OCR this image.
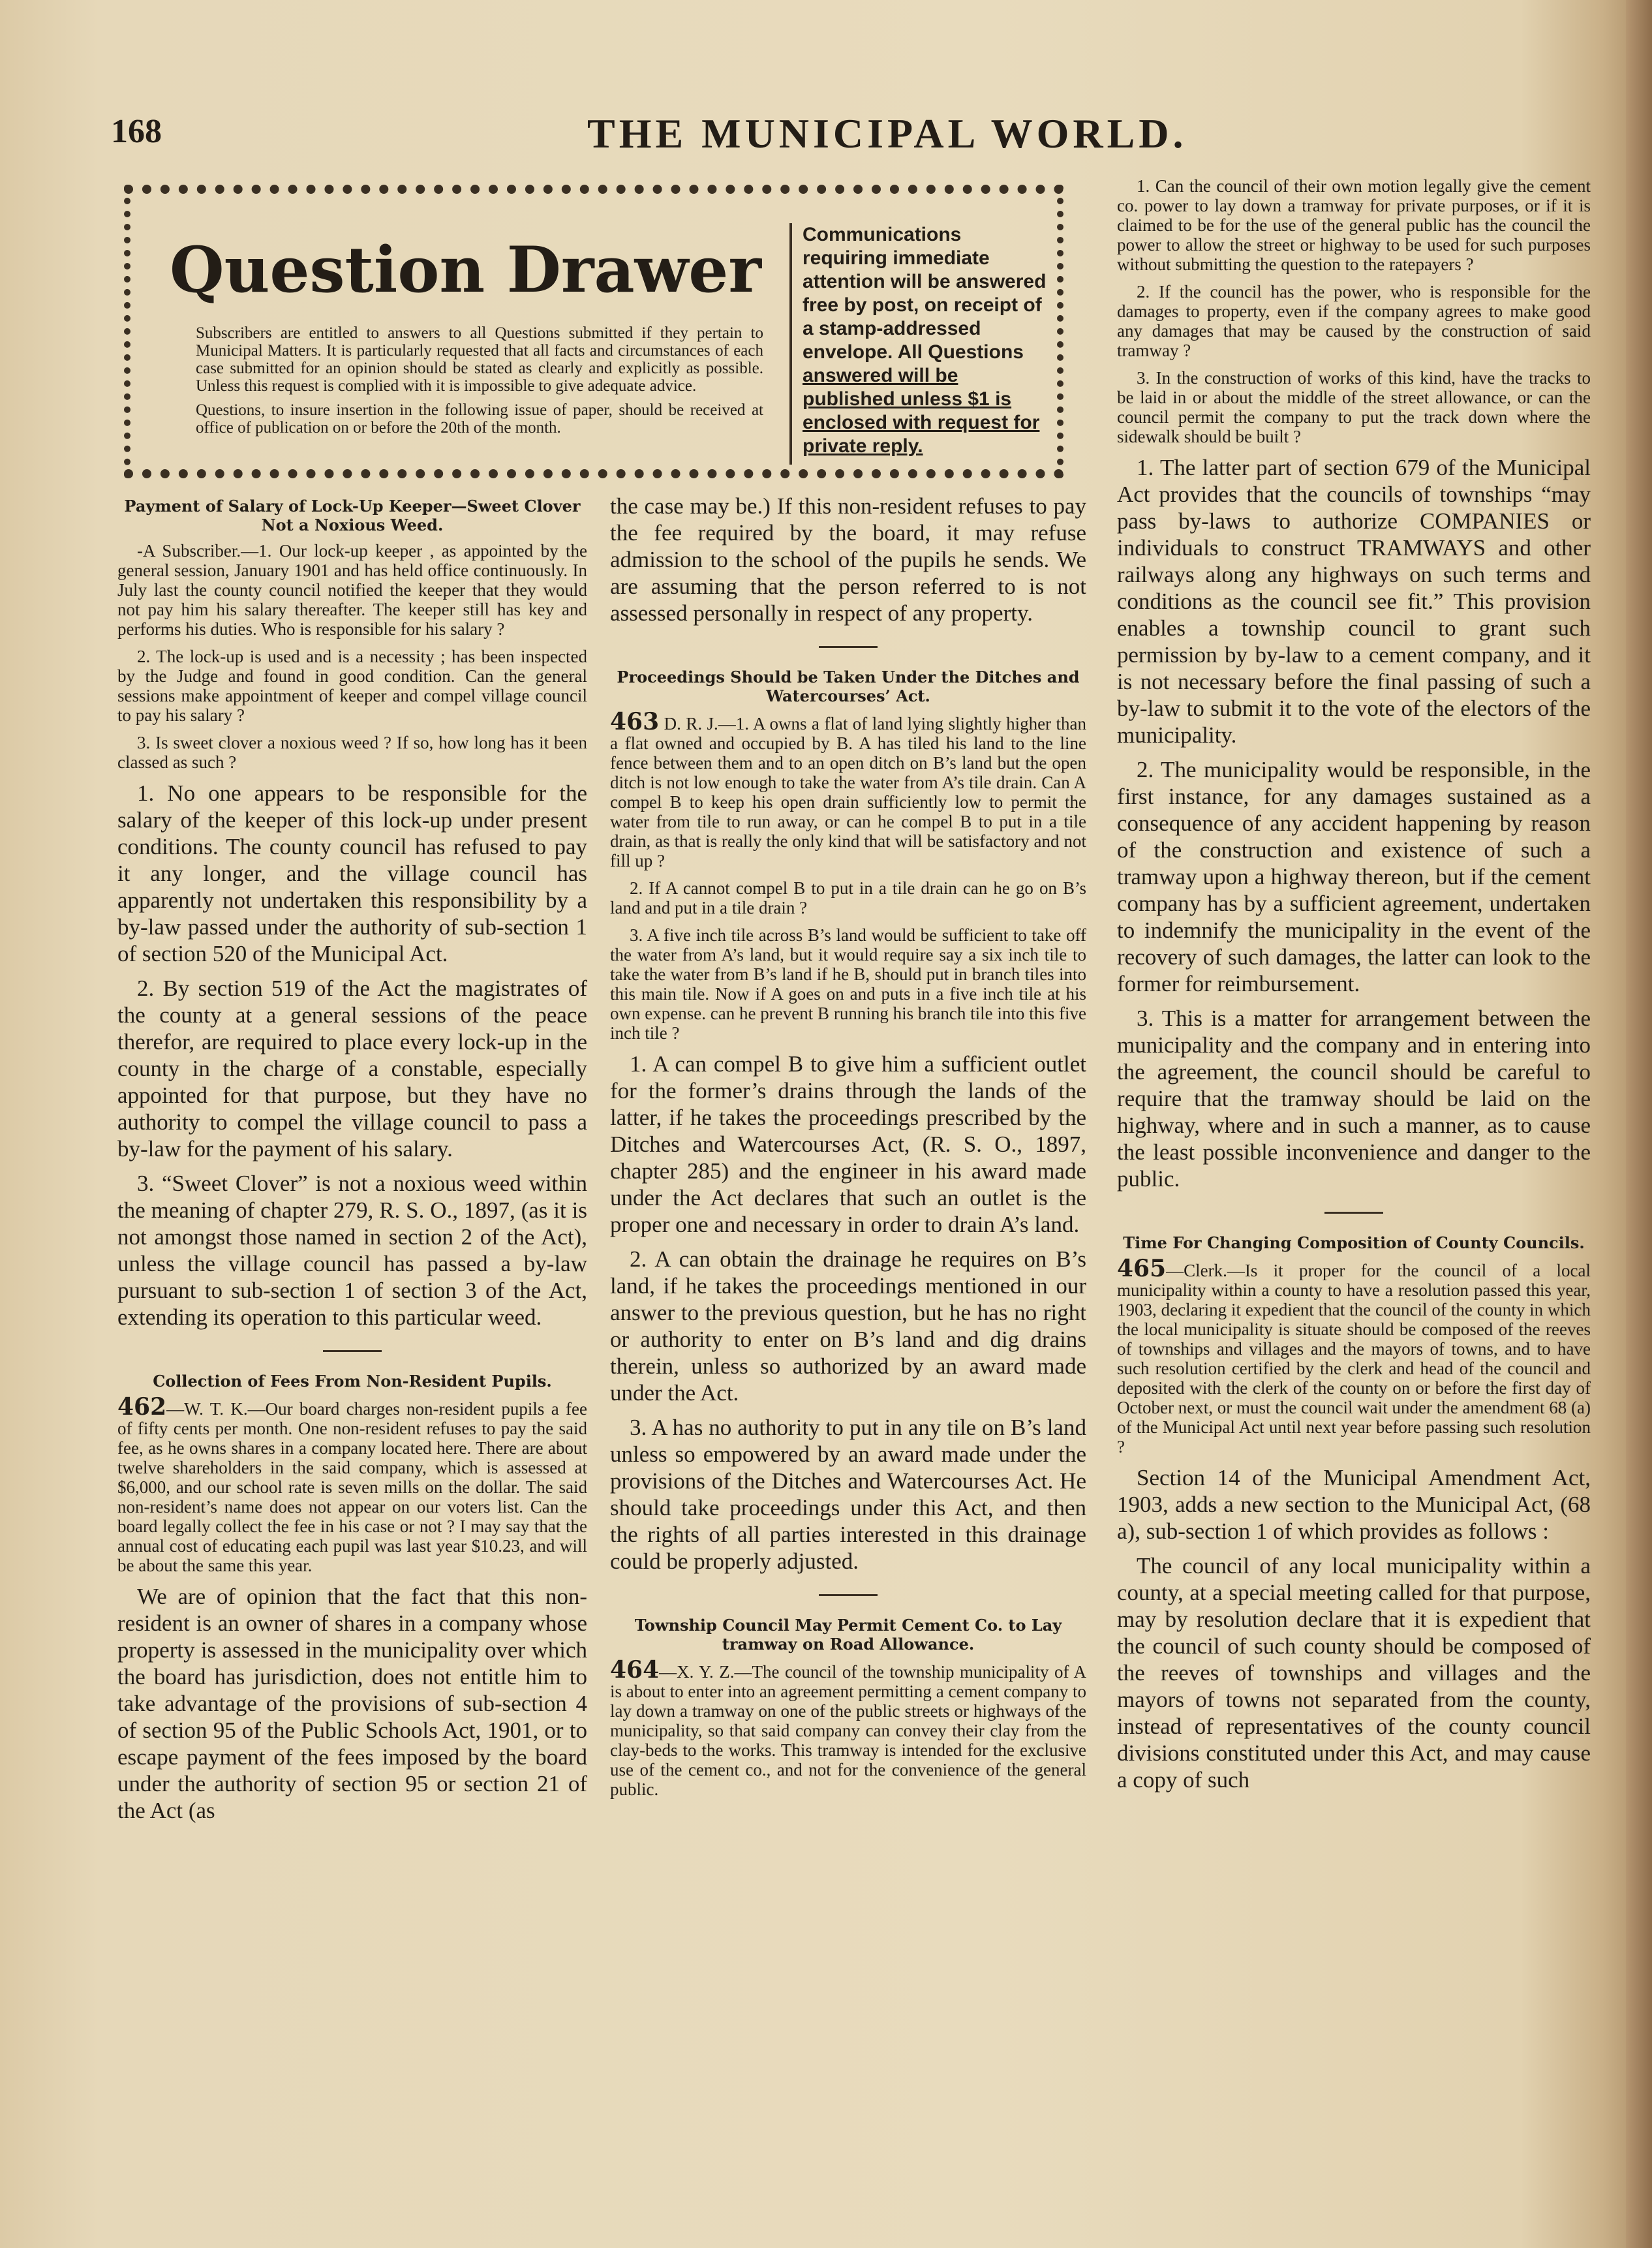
168	THE MUNICIPAL WORLD.
Question Drawer

Subscribers are entitled to answers to all Questions submitted if they pertain to Municipal Matters. It is particularly requested that all facts and circumstances of each case submitted for an opinion should be stated as clearly and explicitly as possible. Unless this request is complied with it is impossible to give adequate advice.

Questions, to insure insertion in the following issue of paper, should be received at office of publication on or before the 20th of the month.

Communications requiring immediate attention will be answered free by post, on receipt of a stamp-addressed envelope. All Questions
answered will be published unless $1 is enclosed with request for private reply.
Payment of Salary of Lock-Up Keeper—Sweet Clover Not a Noxious Weed.

-A Subscriber.—1. Our lock-up keeper , as appointed by the general session, January 1901 and has held office continuously. In July last the county council notified the keeper that they would not pay him his salary thereafter. The keeper still has key and performs his duties. Who is responsible for his salary ?

2. The lock-up is used and is a necessity ; has been inspected by the Judge and found in good condition. Can the general sessions make appointment of keeper and compel village council to pay his salary ?

3. Is sweet clover a noxious weed ? If so, how long has it been classed as such ?

1. No one appears to be responsible for the salary of the keeper of this lock-up under present conditions. The county council has refused to pay it any longer, and the village council has apparently not undertaken this responsibility by a by-law passed under the authority of sub-section 1 of section 520 of the Municipal Act.

2. By section 519 of the Act the magistrates of the county at a general sessions of the peace therefor, are required to place every lock-up in the county in the charge of a constable, especially appointed for that purpose, but they have no authority to compel the village council to pass a by-law for the payment of his salary.

3. “Sweet Clover” is not a noxious weed within the meaning of chapter 279, R. S. O., 1897, (as it is not amongst those named in section 2 of the Act), unless the village council has passed a by-law pursuant to sub-section 1 of section 3 of the Act, extending its operation to this particular weed.

Collection of Fees From Non-Resident Pupils.

462—W. T. K.—Our board charges non-resident pupils a fee of fifty cents per month. One non-resident refuses to pay the said fee, as he owns shares in a company located here. There are about twelve shareholders in the said company, which is assessed at $6,000, and our school rate is seven mills on the dollar. The said non-resident’s name does not appear on our voters list. Can the board legally collect the fee in his case or not ? I may say that the annual cost of educating each pupil was last year $10.23, and will be about the same this year.

We are of opinion that the fact that this non-resident is an owner of shares in a company whose property is assessed in the municipality over which the board has jurisdiction, does not entitle him to take advantage of the provisions of sub-section 4 of section 95 of the Public Schools Act, 1901, or to escape payment of the fees imposed by the board under the authority of section 95 or section 21 of the Act (as

the case may be.) If this non-resident refuses to pay the fee required by the board, it may refuse admission to the school of the pupils he sends. We are assuming that the person referred to is not assessed personally in respect of any property.

Proceedings Should be Taken Under the Ditches and Watercourses’ Act.

463 D. R. J.—1. A owns a flat of land lying slightly higher than a flat owned and occupied by B. A has tiled his land to the line fence between them and to an open ditch on B’s land but the open ditch is not low enough to take the water from A’s tile drain. Can A compel B to keep his open drain sufficiently low to permit the water from tile to run away, or can he compel B to put in a tile drain, as that is really the only kind that will be satisfactory and not fill up ?

2. If A cannot compel B to put in a tile drain can he go on B’s land and put in a tile drain ?

3. A five inch tile across B’s land would be sufficient to take off the water from A’s land, but it would require say a six inch tile to take the water from B’s land if he B, should put in branch tiles into this main tile. Now if A goes on and puts in a five inch tile at his own expense. can he prevent B running his branch tile into this five inch tile ?

1. A can compel B to give him a sufficient outlet for the former’s drains through the lands of the latter, if he takes the proceedings prescribed by the Ditches and Watercourses Act, (R. S. O., 1897, chapter 285) and the engineer in his award made under the Act declares that such an outlet is the proper one and necessary in order to drain A’s land.

2. A can obtain the drainage he requires on B’s land, if he takes the proceedings mentioned in our answer to the previous question, but he has no right or authority to enter on B’s land and dig drains therein, unless so authorized by an award made under the Act.

3. A has no authority to put in any tile on B’s land unless so empowered by an award made under the provisions of the Ditches and Watercourses Act. He should take proceedings under this Act, and then the rights of all parties interested in this drainage could be properly adjusted.

Township Council May Permit Cement Co. to Lay tramway on Road Allowance.

464—X. Y. Z.—The council of the township municipality of A is about to enter into an agreement permitting a cement company to lay down a tramway on one of the public streets or highways of the municipality, so that said company can convey their clay from the clay-beds to the works. This tramway is intended for the exclusive use of the cement co., and not for the convenience of the general public.

1. Can the council of their own motion legally give the cement co. power to lay down a tramway for private purposes, or if it is claimed to be for the use of the general public has the council the power to allow the street or highway to be used for such purposes without submitting the question to the ratepayers ?

2. If the council has the power, who is responsible for the damages to property, even if the company agrees to make good any damages that may be caused by the construction of said tramway ?

3. In the construction of works of this kind, have the tracks to be laid in or about the middle of the street allowance, or can the council permit the company to put the track down where the sidewalk should be built ?

1. The latter part of section 679 of the Municipal Act provides that the councils of townships “may pass by-laws to authorize COMPANIES or individuals to construct TRAMWAYS and other railways along any highways on such terms and conditions as the council see fit.” This provision enables a township council to grant such permission by by-law to a cement company, and it is not necessary before the final passing of such a by-law to submit it to the vote of the electors of the municipality.

2. The municipality would be responsible, in the first instance, for any damages sustained as a consequence of any accident happening by reason of the construction and existence of such a tramway upon a highway thereon, but if the cement company has by a sufficient agreement, undertaken to indemnify the municipality in the event of the recovery of such damages, the latter can look to the former for reimbursement.

3. This is a matter for arrangement between the municipality and the company and in entering into the agreement, the council should be careful to require that the tramway should be laid on the highway, where and in such a manner, as to cause the least possible inconvenience and danger to the public.

Time For Changing Composition of County Councils.

465—Clerk.—Is it proper for the council of a local municipality within a county to have a resolution passed this year, 1903, declaring it expedient that the council of the county in which the local municipality is situate should be composed of the reeves of townships and villages and the mayors of towns, and to have such resolution certified by the clerk and head of the council and deposited with the clerk of the county on or before the first day of October next, or must the council wait under the amendment 68 (a) of the Municipal Act until next year before passing such resolution ?

Section 14 of the Municipal Amendment Act, 1903, adds a new section to the Municipal Act, (68 a), sub-section 1 of which provides as follows :

The council of any local municipality within a county, at a special meeting called for that purpose, may by resolution declare that it is expedient that the council of such county should be composed of the reeves of townships and villages and the mayors of towns not separated from the county, instead of representatives of the county council divisions constituted under this Act, and may cause a copy of such
